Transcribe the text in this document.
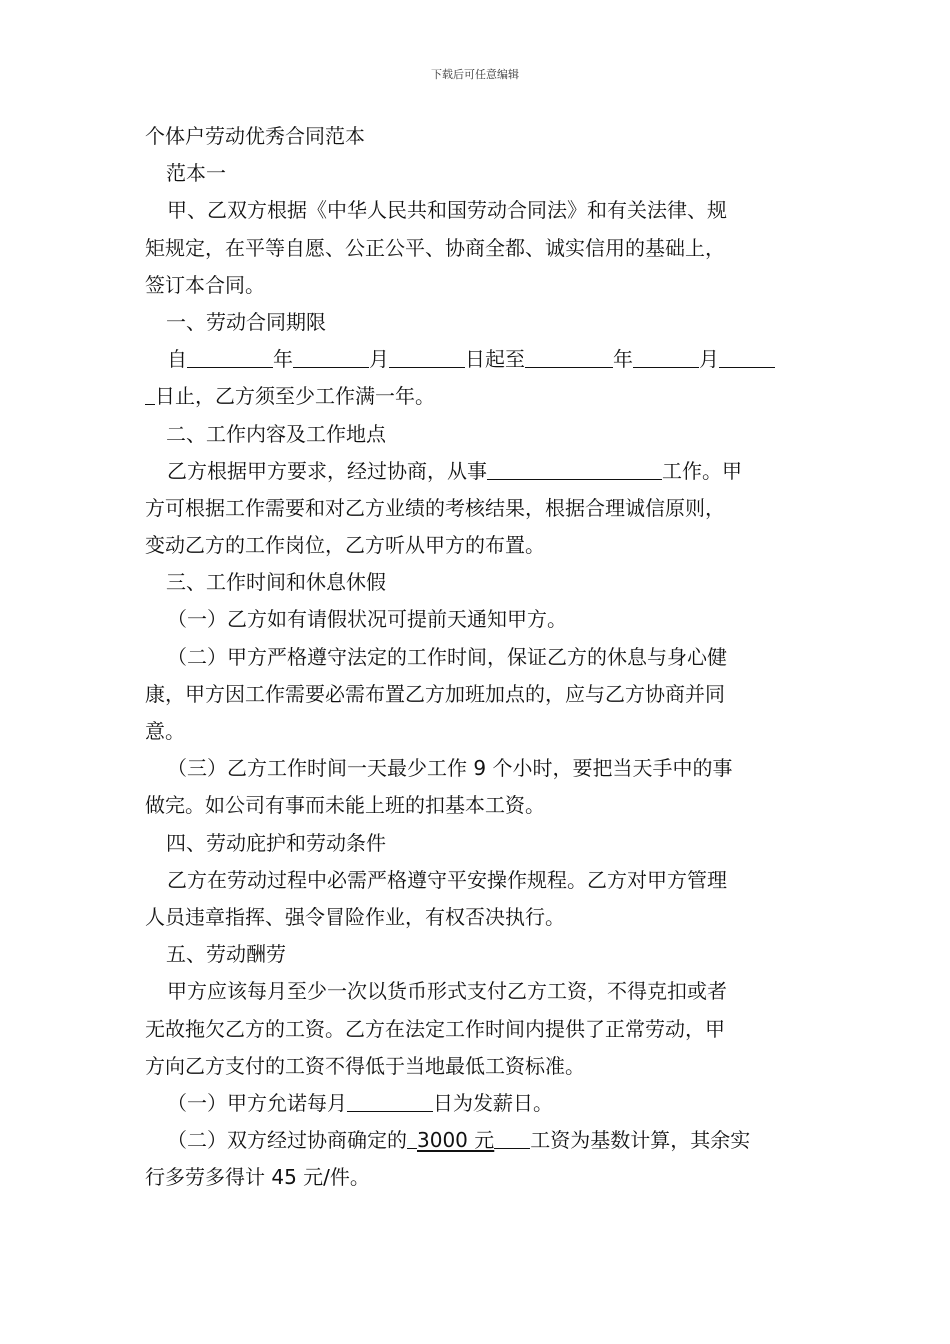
下载后可任意编辑
个体户劳动优秀合同范本
范本一
甲、乙双方根据《中华人民共和国劳动合同法》和有关法律、规
矩规定，在平等自愿、公正公平、协商全都、诚实信用的基础上，
签订本合同。
一、劳动合同期限
自	年	月	日起至	年	月
日止，乙方须至少工作满一年。
二、工作内容及工作地点
乙方根据甲方要求，经过协商，从事	工作。甲
方可根据工作需要和对乙方业绩的考核结果，根据合理诚信原则，
变动乙方的工作岗位，乙方听从甲方的布置。
三、工作时间和休息休假
（一）乙方如有请假状况可提前天通知甲方。
（二）甲方严格遵守法定的工作时间，保证乙方的休息与身心健
康，甲方因工作需要必需布置乙方加班加点的，应与乙方协商并同
意。
（三）乙方工作时间一天最少工作 9 个小时，要把当天手中的事
做完。如公司有事而未能上班的扣基本工资。
四、劳动庇护和劳动条件
乙方在劳动过程中必需严格遵守平安操作规程。乙方对甲方管理
人员违章指挥、强令冒险作业，有权否决执行。
五、劳动酬劳
甲方应该每月至少一次以货币形式支付乙方工资，不得克扣或者
无故拖欠乙方的工资。乙方在法定工作时间内提供了正常劳动，甲
方向乙方支付的工资不得低于当地最低工资标准。
（一）甲方允诺每月	日为发薪日。
（二）双方经过协商确定的 3000 元 工资为基数计算，其余实
行多劳多得计 45 元/件。
